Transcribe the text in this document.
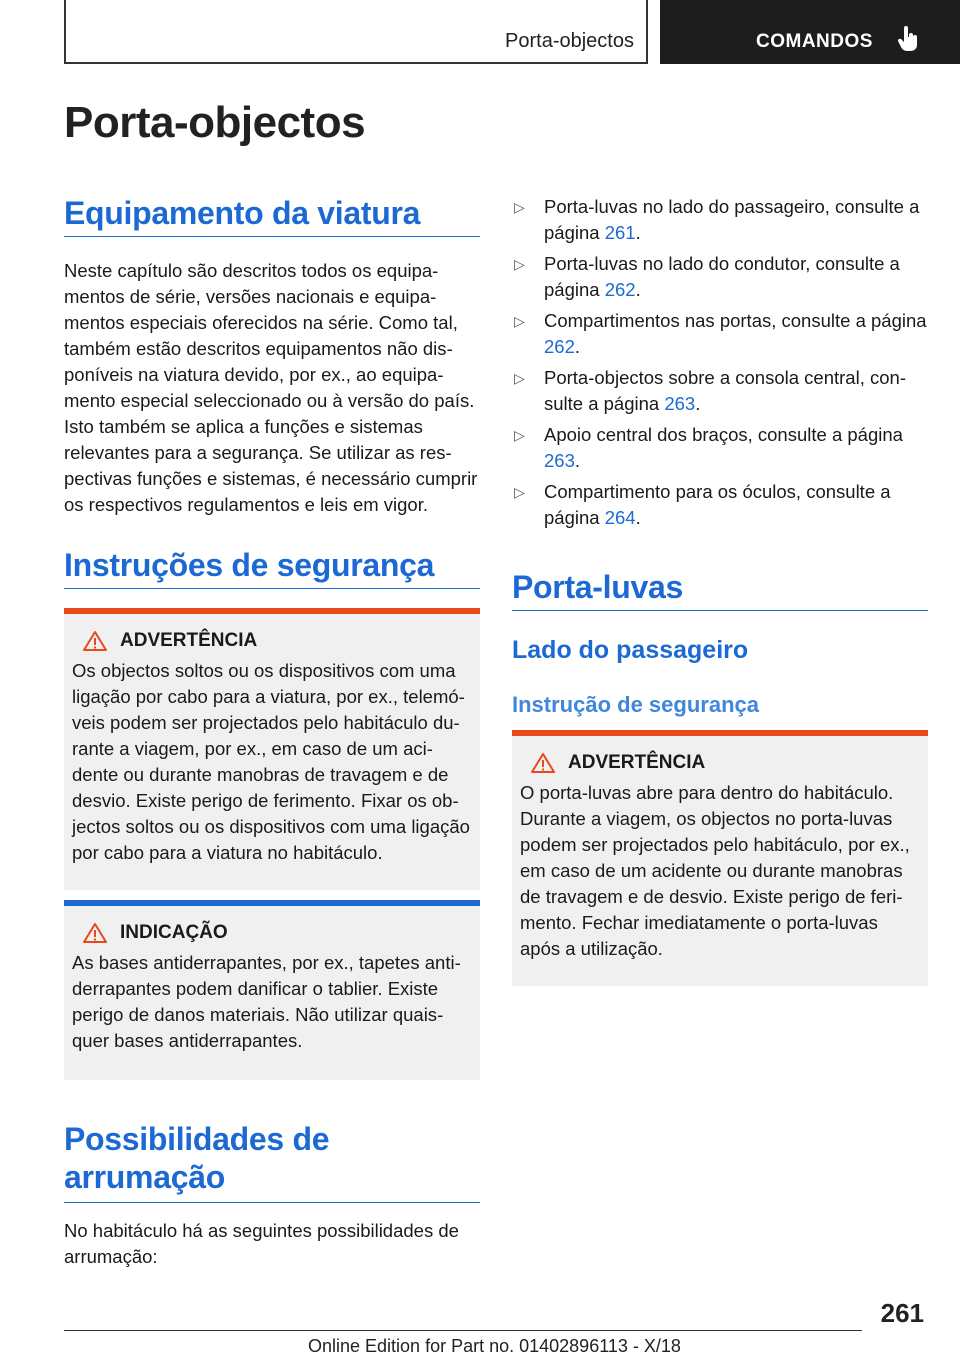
Porta-objectos	COMANDOS
Porta-objectos
Equipamento da viatura

Neste capítulo são descritos todos os equipamentos de série, versões nacionais e equipamentos especiais oferecidos na série. Como tal, também estão descritos equipamentos não disponíveis na viatura devido, por ex., ao equipamento especial seleccionado ou à versão do país. Isto também se aplica a funções e sistemas relevantes para a segurança. Se utilizar as respectivas funções e sistemas, é necessário cumprir os respectivos regulamentos e leis em vigor.

Instruções de segurança
ADVERTÊNCIA
Os objectos soltos ou os dispositivos com uma ligação por cabo para a viatura, por ex., telemóveis podem ser projectados pelo habitáculo durante a viagem, por ex., em caso de um acidente ou durante manobras de travagem e de desvio. Existe perigo de ferimento. Fixar os objectos soltos ou os dispositivos com uma ligação por cabo para a viatura no habitáculo.
INDICAÇÃO
As bases antiderrapantes, por ex., tapetes antiderrapantes podem danificar o tablier. Existe perigo de danos materiais. Não utilizar quaisquer bases antiderrapantes.
Possibilidades de
arrumação

No habitáculo há as seguintes possibilidades de arrumação:

▷	Porta-luvas no lado do passageiro, consulte a página 261.
▷	Porta-luvas no lado do condutor, consulte a página 262.
▷	Compartimentos nas portas, consulte a página 262.
▷	Porta-objectos sobre a consola central, consulte a página 263.
▷	Apoio central dos braços, consulte a página 263.
▷	Compartimento para os óculos, consulte a página 264.
Porta-luvas
Lado do passageiro
Instrução de segurança
ADVERTÊNCIA
O porta-luvas abre para dentro do habitáculo. Durante a viagem, os objectos no porta-luvas podem ser projectados pelo habitáculo, por ex., em caso de um acidente ou durante manobras de travagem e de desvio. Existe perigo de ferimento. Fechar imediatamente o porta-luvas após a utilização.
261
Online Edition for Part no. 01402896113 - X/18
